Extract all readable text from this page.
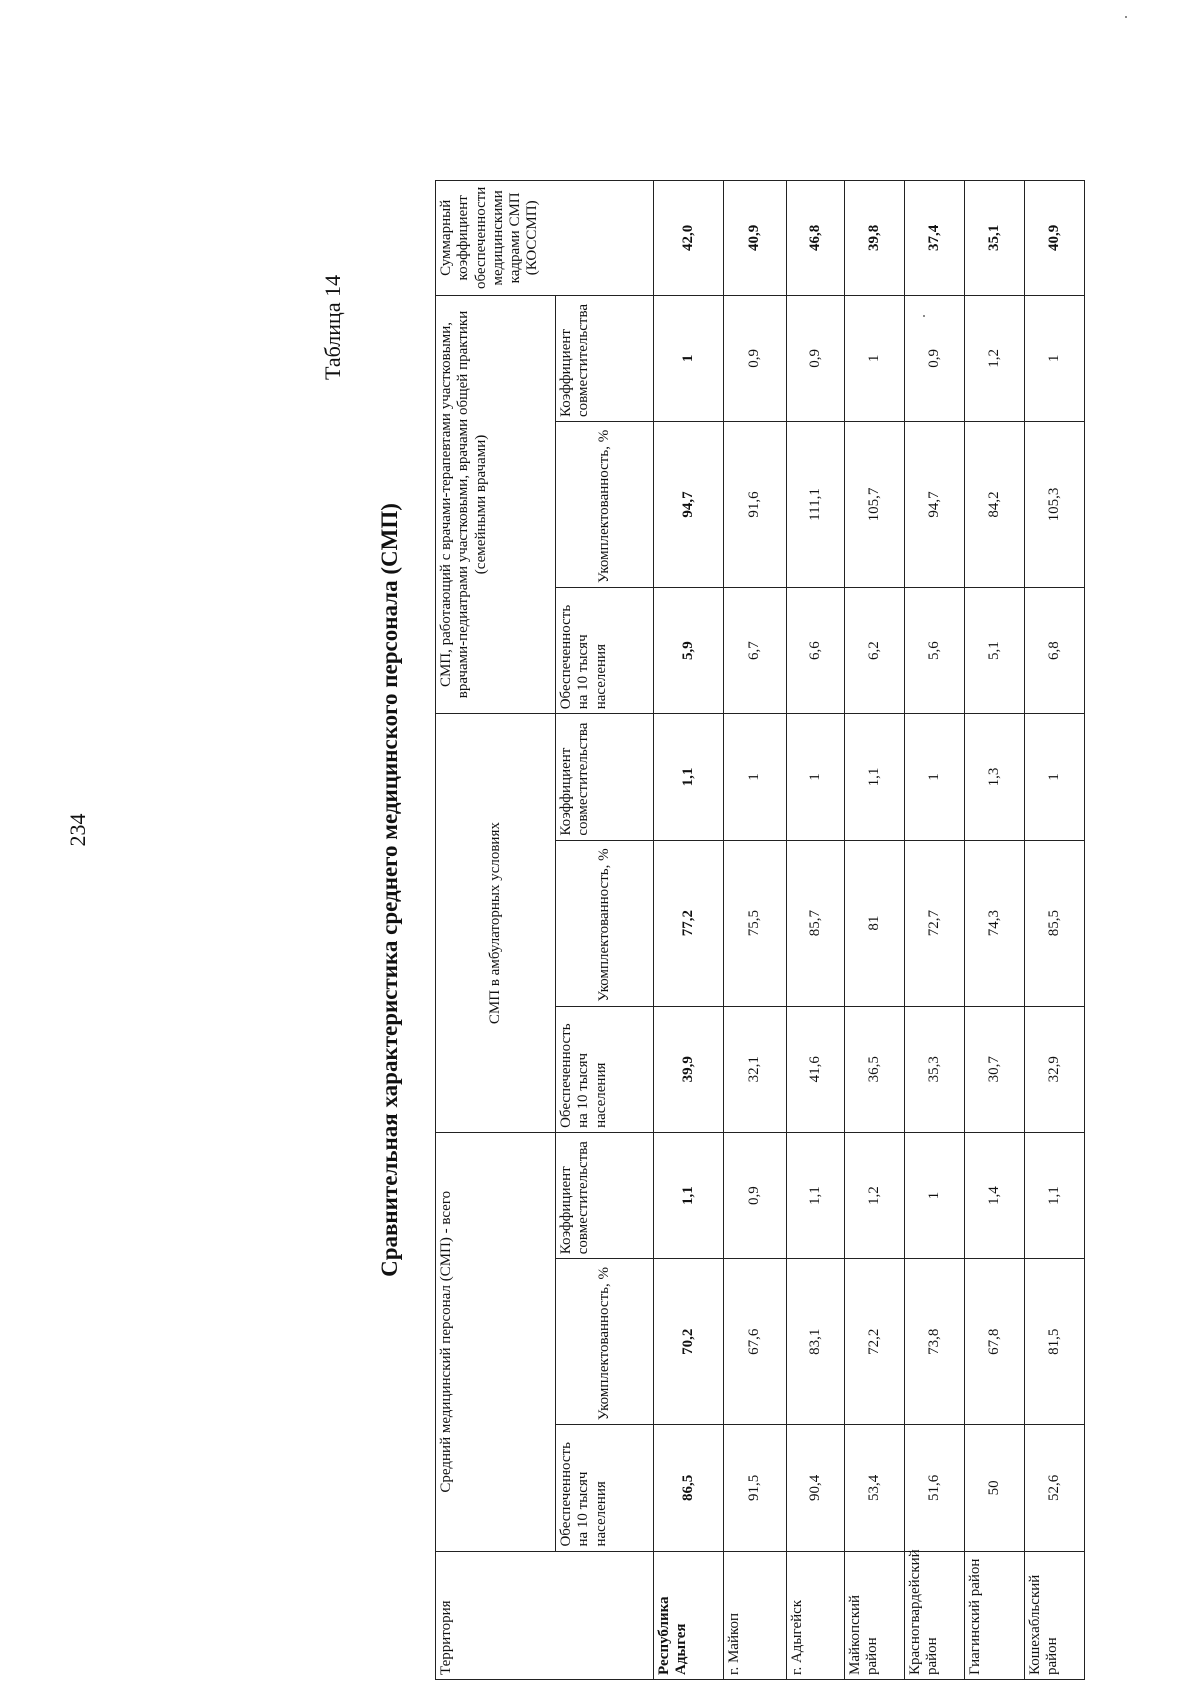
234
Таблица 14
Сравнительная характеристика среднего медицинского персонала (СМП)
Территория	Средний медицинский персонал (СМП) - всего			СМП в амбулаторных условиях			СМП, работающий с врачами-терапевтами участковыми, врачами-педиатрами участковыми, врачами общей практики (семейными врачами)			Суммарный коэффициент обеспеченности медицинскими кадрами СМП (КОССМП)
	Обеспеченность на 10 тысяч населения	Укомплектованность, %	Коэффициент совместительства	Обеспеченность на 10 тысяч населения	Укомплектованность, %	Коэффициент совместительства	Обеспеченность на 10 тысяч населения	Укомплектованность, %	Коэффициент совместительства	
Республика Адыгея	86,5	70,2	1,1	39,9	77,2	1,1	5,9	94,7	1	42,0
г. Майкоп	91,5	67,6	0,9	32,1	75,5	1	6,7	91,6	0,9	40,9
г. Адыгейск	90,4	83,1	1,1	41,6	85,7	1	6,6	111,1	0,9	46,8
Майкопский район	53,4	72,2	1,2	36,5	81	1,1	6,2	105,7	1	39,8
Красногвардейский район	51,6	73,8	1	35,3	72,7	1	5,6	94,7	0,9	37,4
Гиагинский район	50	67,8	1,4	30,7	74,3	1,3	5,1	84,2	1,2	35,1
Кошехабльский район	52,6	81,5	1,1	32,9	85,5	1	6,8	105,3	1	40,9
